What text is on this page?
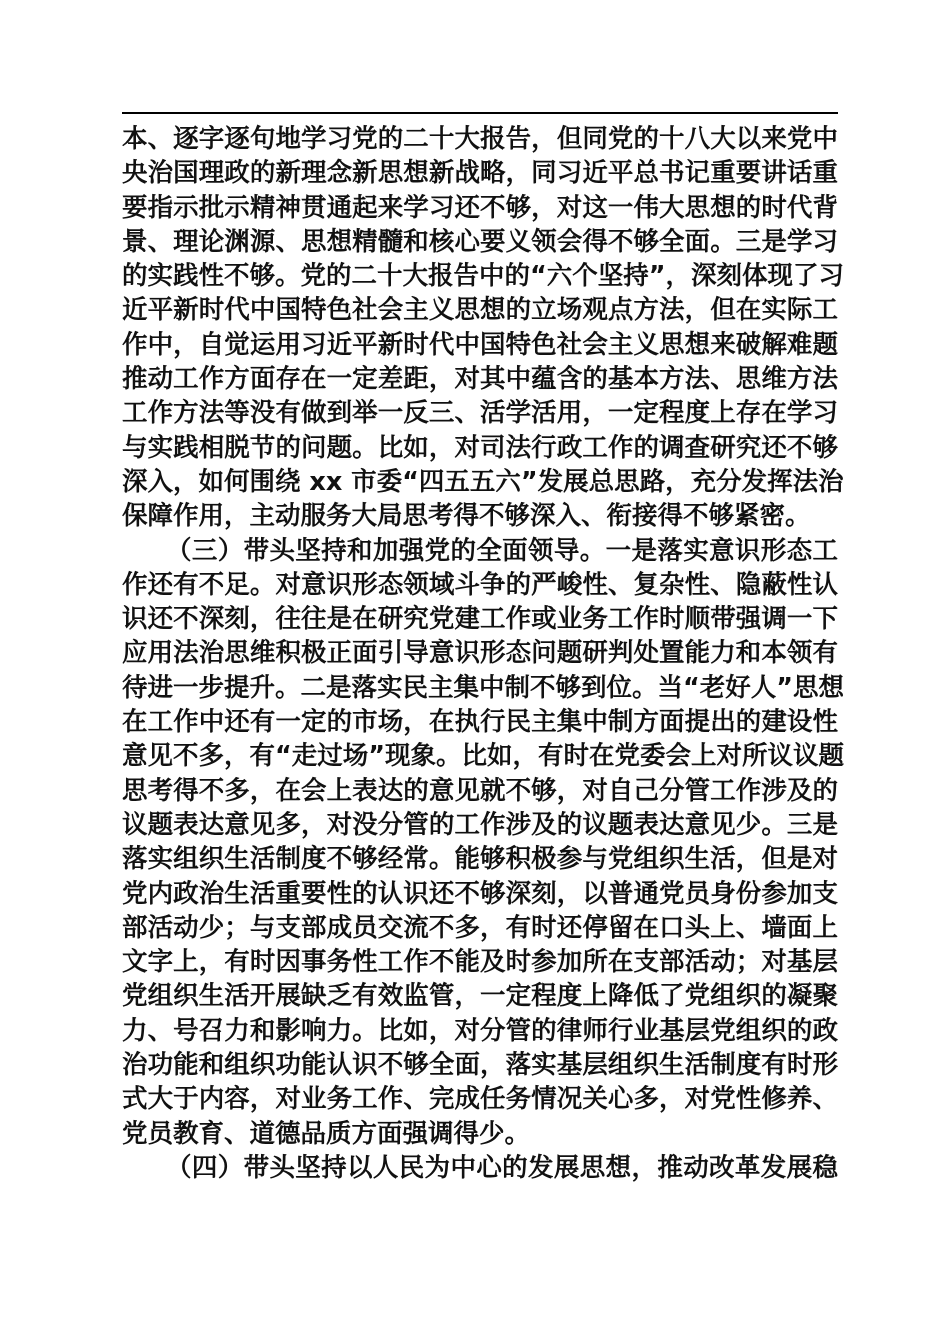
本、逐字逐句地学习党的二十大报告，但同党的十八大以来党中
央治国理政的新理念新思想新战略，同习近平总书记重要讲话重
要指示批示精神贯通起来学习还不够，对这一伟大思想的时代背
景、理论渊源、思想精髓和核心要义领会得不够全面。三是学习
的实践性不够。党的二十大报告中的“六个坚持”，深刻体现了习
近平新时代中国特色社会主义思想的立场观点方法，但在实际工
作中，自觉运用习近平新时代中国特色社会主义思想来破解难题
推动工作方面存在一定差距，对其中蕴含的基本方法、思维方法
工作方法等没有做到举一反三、活学活用，一定程度上存在学习
与实践相脱节的问题。比如，对司法行政工作的调查研究还不够
深入，如何围绕 xx 市委“四五五六”发展总思路，充分发挥法治
保障作用，主动服务大局思考得不够深入、衔接得不够紧密。
（三）带头坚持和加强党的全面领导。一是落实意识形态工
作还有不足。对意识形态领域斗争的严峻性、复杂性、隐蔽性认
识还不深刻，往往是在研究党建工作或业务工作时顺带强调一下
应用法治思维积极正面引导意识形态问题研判处置能力和本领有
待进一步提升。二是落实民主集中制不够到位。当“老好人”思想
在工作中还有一定的市场，在执行民主集中制方面提出的建设性
意见不多，有“走过场”现象。比如，有时在党委会上对所议议题
思考得不多，在会上表达的意见就不够，对自己分管工作涉及的
议题表达意见多，对没分管的工作涉及的议题表达意见少。三是
落实组织生活制度不够经常。能够积极参与党组织生活，但是对
党内政治生活重要性的认识还不够深刻，以普通党员身份参加支
部活动少；与支部成员交流不多，有时还停留在口头上、墙面上
文字上，有时因事务性工作不能及时参加所在支部活动；对基层
党组织生活开展缺乏有效监管，一定程度上降低了党组织的凝聚
力、号召力和影响力。比如，对分管的律师行业基层党组织的政
治功能和组织功能认识不够全面，落实基层组织生活制度有时形
式大于内容，对业务工作、完成任务情况关心多，对党性修养、
党员教育、道德品质方面强调得少。
（四）带头坚持以人民为中心的发展思想，推动改革发展稳
